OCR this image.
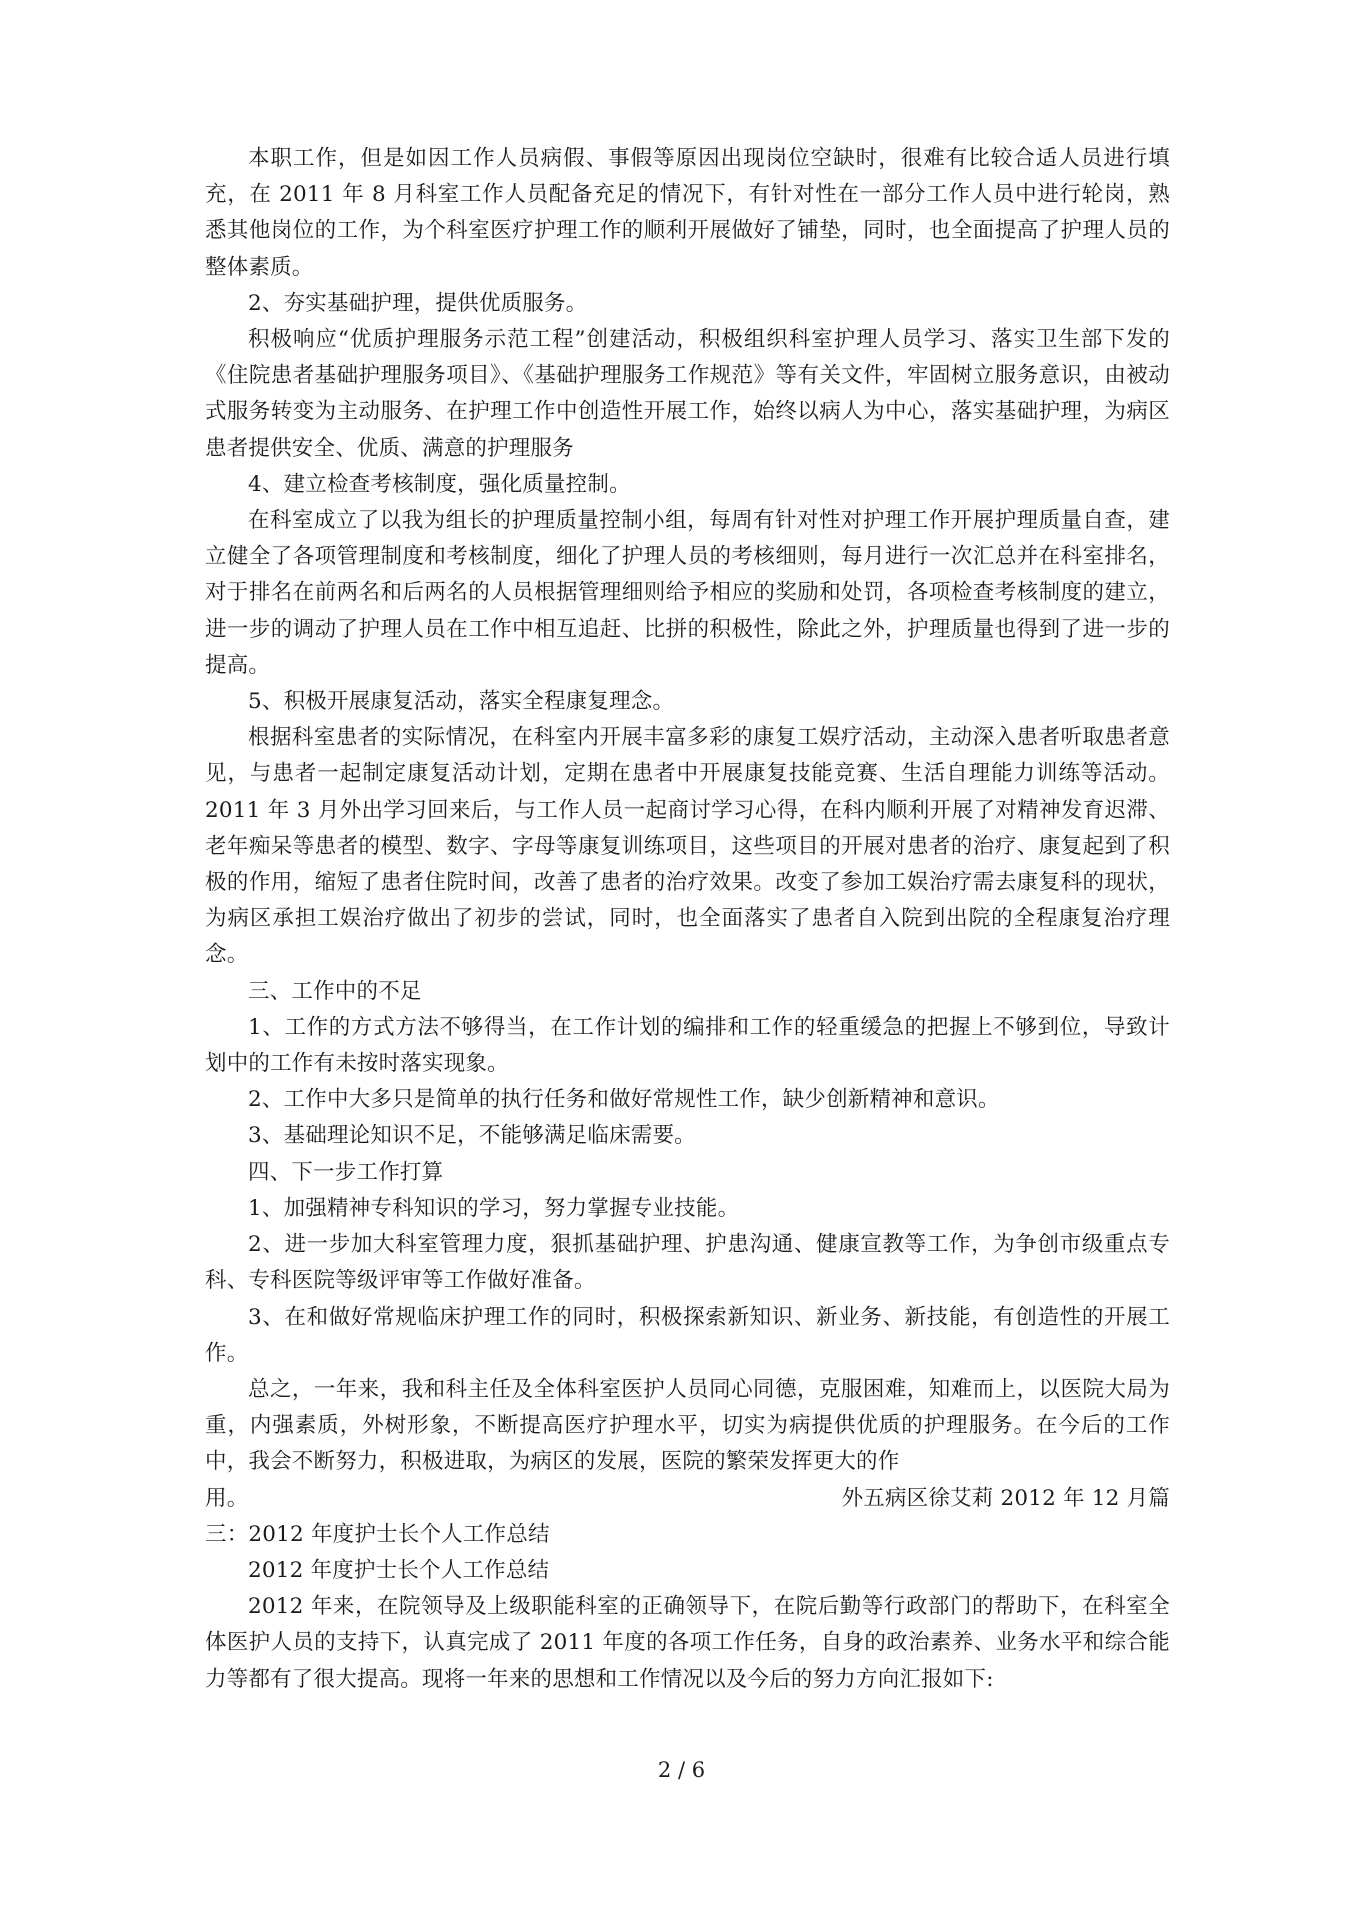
本职工作，但是如因工作人员病假、事假等原因出现岗位空缺时，很难有比较合适人员进行填充，在 2011 年 8 月科室工作人员配备充足的情况下，有针对性在一部分工作人员中进行轮岗，熟悉其他岗位的工作，为个科室医疗护理工作的顺利开展做好了铺垫，同时，也全面提高了护理人员的整体素质。

2、夯实基础护理，提供优质服务。

积极响应“优质护理服务示范工程”创建活动，积极组织科室护理人员学习、落实卫生部下发的《住院患者基础护理服务项目》、《基础护理服务工作规范》等有关文件，牢固树立服务意识，由被动式服务转变为主动服务、在护理工作中创造性开展工作，始终以病人为中心，落实基础护理，为病区患者提供安全、优质、满意的护理服务

4、建立检查考核制度，强化质量控制。

在科室成立了以我为组长的护理质量控制小组，每周有针对性对护理工作开展护理质量自查，建立健全了各项管理制度和考核制度，细化了护理人员的考核细则，每月进行一次汇总并在科室排名，对于排名在前两名和后两名的人员根据管理细则给予相应的奖励和处罚，各项检查考核制度的建立，进一步的调动了护理人员在工作中相互追赶、比拼的积极性，除此之外，护理质量也得到了进一步的提高。

5、积极开展康复活动，落实全程康复理念。

根据科室患者的实际情况，在科室内开展丰富多彩的康复工娱疗活动，主动深入患者听取患者意见，与患者一起制定康复活动计划，定期在患者中开展康复技能竞赛、生活自理能力训练等活动。2011 年 3 月外出学习回来后，与工作人员一起商讨学习心得，在科内顺利开展了对精神发育迟滞、老年痴呆等患者的模型、数字、字母等康复训练项目，这些项目的开展对患者的治疗、康复起到了积极的作用，缩短了患者住院时间，改善了患者的治疗效果。改变了参加工娱治疗需去康复科的现状，为病区承担工娱治疗做出了初步的尝试，同时，也全面落实了患者自入院到出院的全程康复治疗理念。

三、工作中的不足

1、工作的方式方法不够得当，在工作计划的编排和工作的轻重缓急的把握上不够到位，导致计划中的工作有未按时落实现象。

2、工作中大多只是简单的执行任务和做好常规性工作，缺少创新精神和意识。

3、基础理论知识不足，不能够满足临床需要。

四、下一步工作打算

1、加强精神专科知识的学习，努力掌握专业技能。

2、进一步加大科室管理力度，狠抓基础护理、护患沟通、健康宣教等工作，为争创市级重点专科、专科医院等级评审等工作做好准备。

3、在和做好常规临床护理工作的同时，积极探索新知识、新业务、新技能，有创造性的开展工作。

总之，一年来，我和科主任及全体科室医护人员同心同德，克服困难，知难而上，以医院大局为重，内强素质，外树形象，不断提高医疗护理水平，切实为病提供优质的护理服务。在今后的工作中，我会不断努力，积极进取，为病区的发展，医院的繁荣发挥更大的作

用。	外五病区徐艾莉 2012 年 12 月篇

三：2012 年度护士长个人工作总结

2012 年度护士长个人工作总结

2012 年来，在院领导及上级职能科室的正确领导下，在院后勤等行政部门的帮助下，在科室全体医护人员的支持下，认真完成了 2011 年度的各项工作任务，自身的政治素养、业务水平和综合能力等都有了很大提高。现将一年来的思想和工作情况以及今后的努力方向汇报如下:

2 / 6
